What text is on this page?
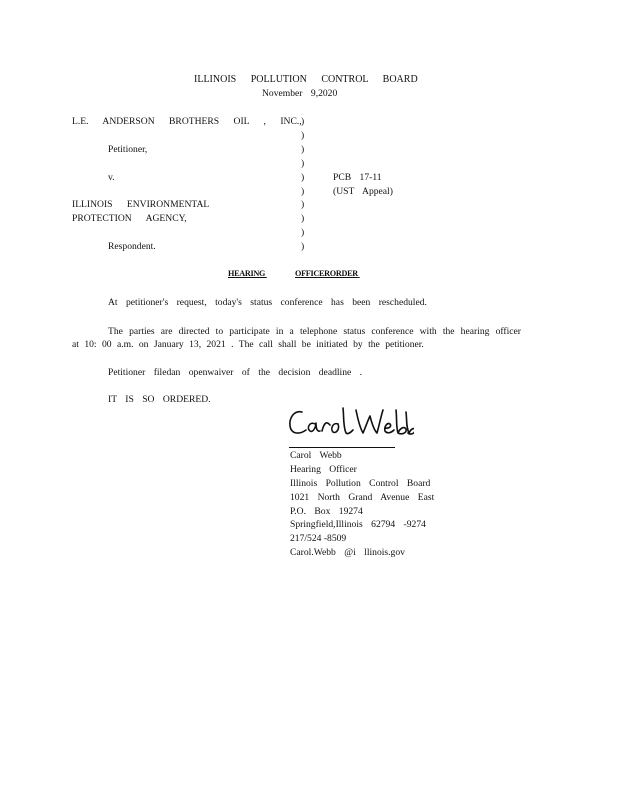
ILLINOIS POLLUTION CONTROL BOARD
November 9,2020
L.E. ANDERSON BROTHERS OIL , INC.,
Petitioner,
v.
ILLINOIS ENVIRONMENTAL
PROTECTION AGENCY,
Respondent.
)
)
)
)
)
)
)
)
)
)
PCB 17-11
(UST Appeal)
HEARING	OFFICERORDER
At petitioner's request, today's status conference has been rescheduled.
The parties are directed to participate in a telephone status conference with the hearing officer at 10: 00 a.m. on January 13, 2021 . The call shall be initiated by the petitioner.
Petitioner filedan openwaiver of the decision deadline .
IT IS SO ORDERED.
Carol Webb
Hearing Officer
Illinois Pollution Control Board
1021 North Grand Avenue East
P.O. Box 19274
Springfield,Illinois 62794 -9274
217/524 -8509
Carol.Webb @i llinois.gov
